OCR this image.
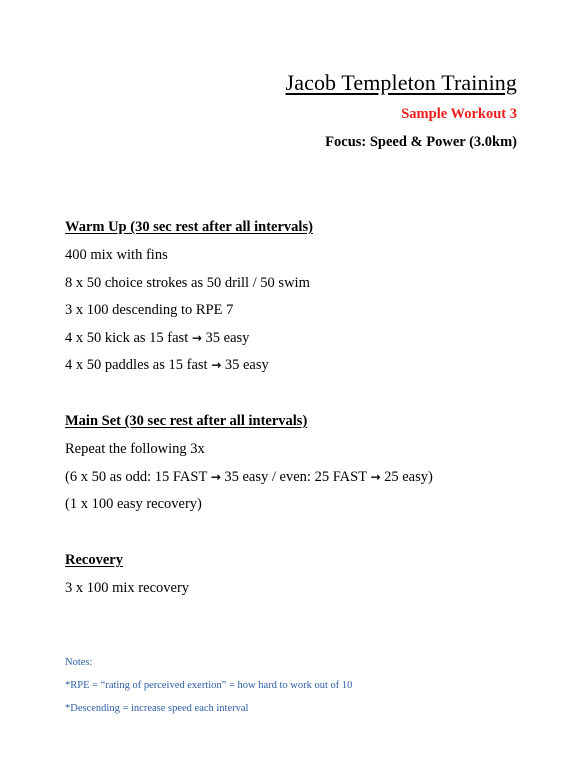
Jacob Templeton Training
Sample Workout 3
Focus: Speed & Power (3.0km)
Warm Up (30 sec rest after all intervals)
400 mix with fins
8 x 50 choice strokes as 50 drill / 50 swim
3 x 100 descending to RPE 7
4 x 50 kick as 15 fast → 35 easy
4 x 50 paddles as 15 fast → 35 easy
Main Set (30 sec rest after all intervals)
Repeat the following 3x
(6 x 50 as odd: 15 FAST → 35 easy / even: 25 FAST → 25 easy)
(1 x 100 easy recovery)
Recovery
3 x 100 mix recovery
Notes:
*RPE = “rating of perceived exertion” = how hard to work out of 10
*Descending = increase speed each interval
